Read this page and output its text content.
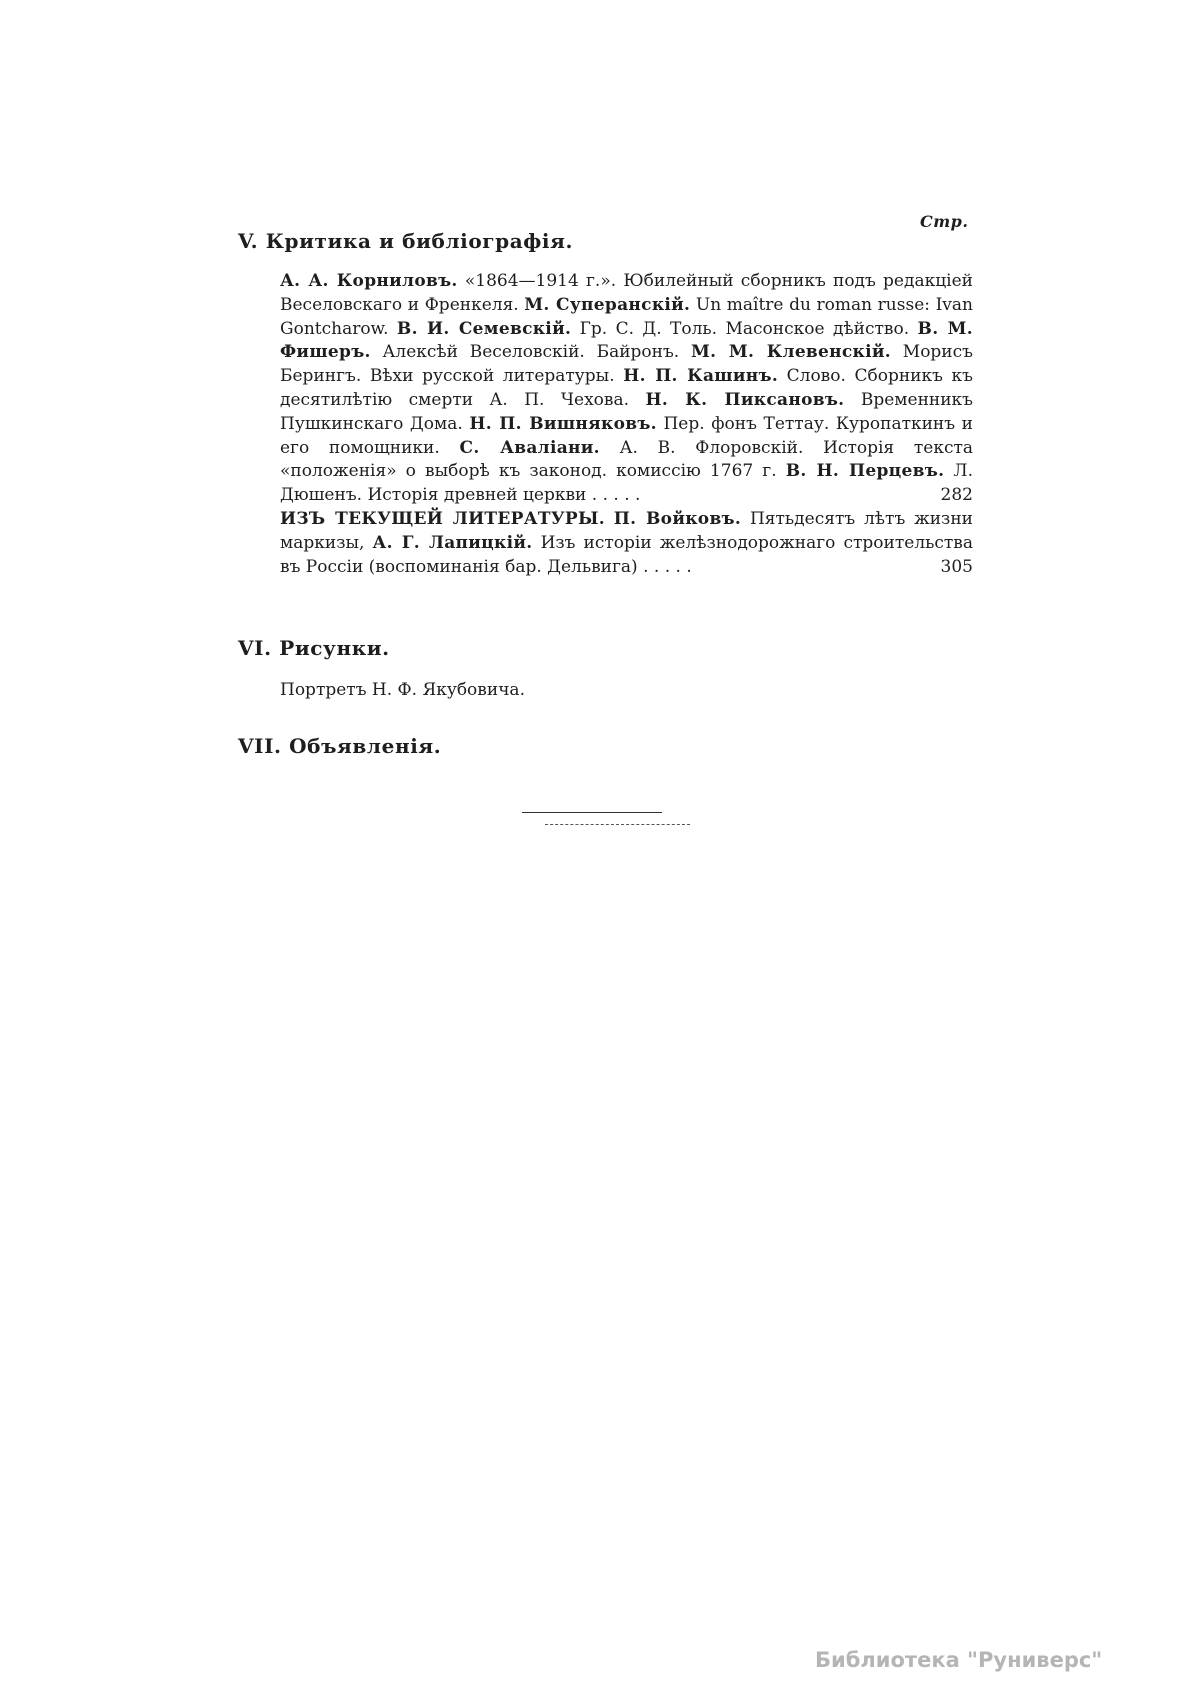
Стр.
V. Критика и библіографія.
А. А. Корниловъ. «1864—1914 г.». Юбилейный сборникъ подъ редакціей Веселовскаго и Френкеля. М. Суперанскій. Un maître du roman russe: Ivan Gontcharow. В. И. Семевскій. Гр. С. Д. Толь. Масонское дѣйство. В. М. Фишеръ. Алексѣй Веселовскій. Байронъ. М. М. Клевенскій. Морисъ Берингъ. Вѣхи русской литературы. Н. П. Кашинъ. Слово. Сборникъ къ десятилѣтію смерти А. П. Чехова. Н. К. Пиксановъ. Временникъ Пушкинскаго Дома. Н. П. Вишняковъ. Пер. фонъ Теттау. Куропаткинъ и его помощники. С. Аваліани. А. В. Флоровскій. Исторія текста «положенія» о выборѣ къ законод. комиссію 1767 г. В. Н. Перцевъ. Л. Дюшенъ. Исторія древней церкви . . . . .	282
ИЗЪ ТЕКУЩЕЙ ЛИТЕРАТУРЫ. П. Войковъ. Пятьдесятъ лѣтъ жизни маркизы, А. Г. Лапицкій. Изъ исторіи желѣзнодорожнаго строительства въ Россіи (воспоминанія бар. Дельвига) . . . . .	305
VI. Рисунки.
Портретъ Н. Ф. Якубовича.
VII. Объявленія.
Библиотека "Руниверс"
